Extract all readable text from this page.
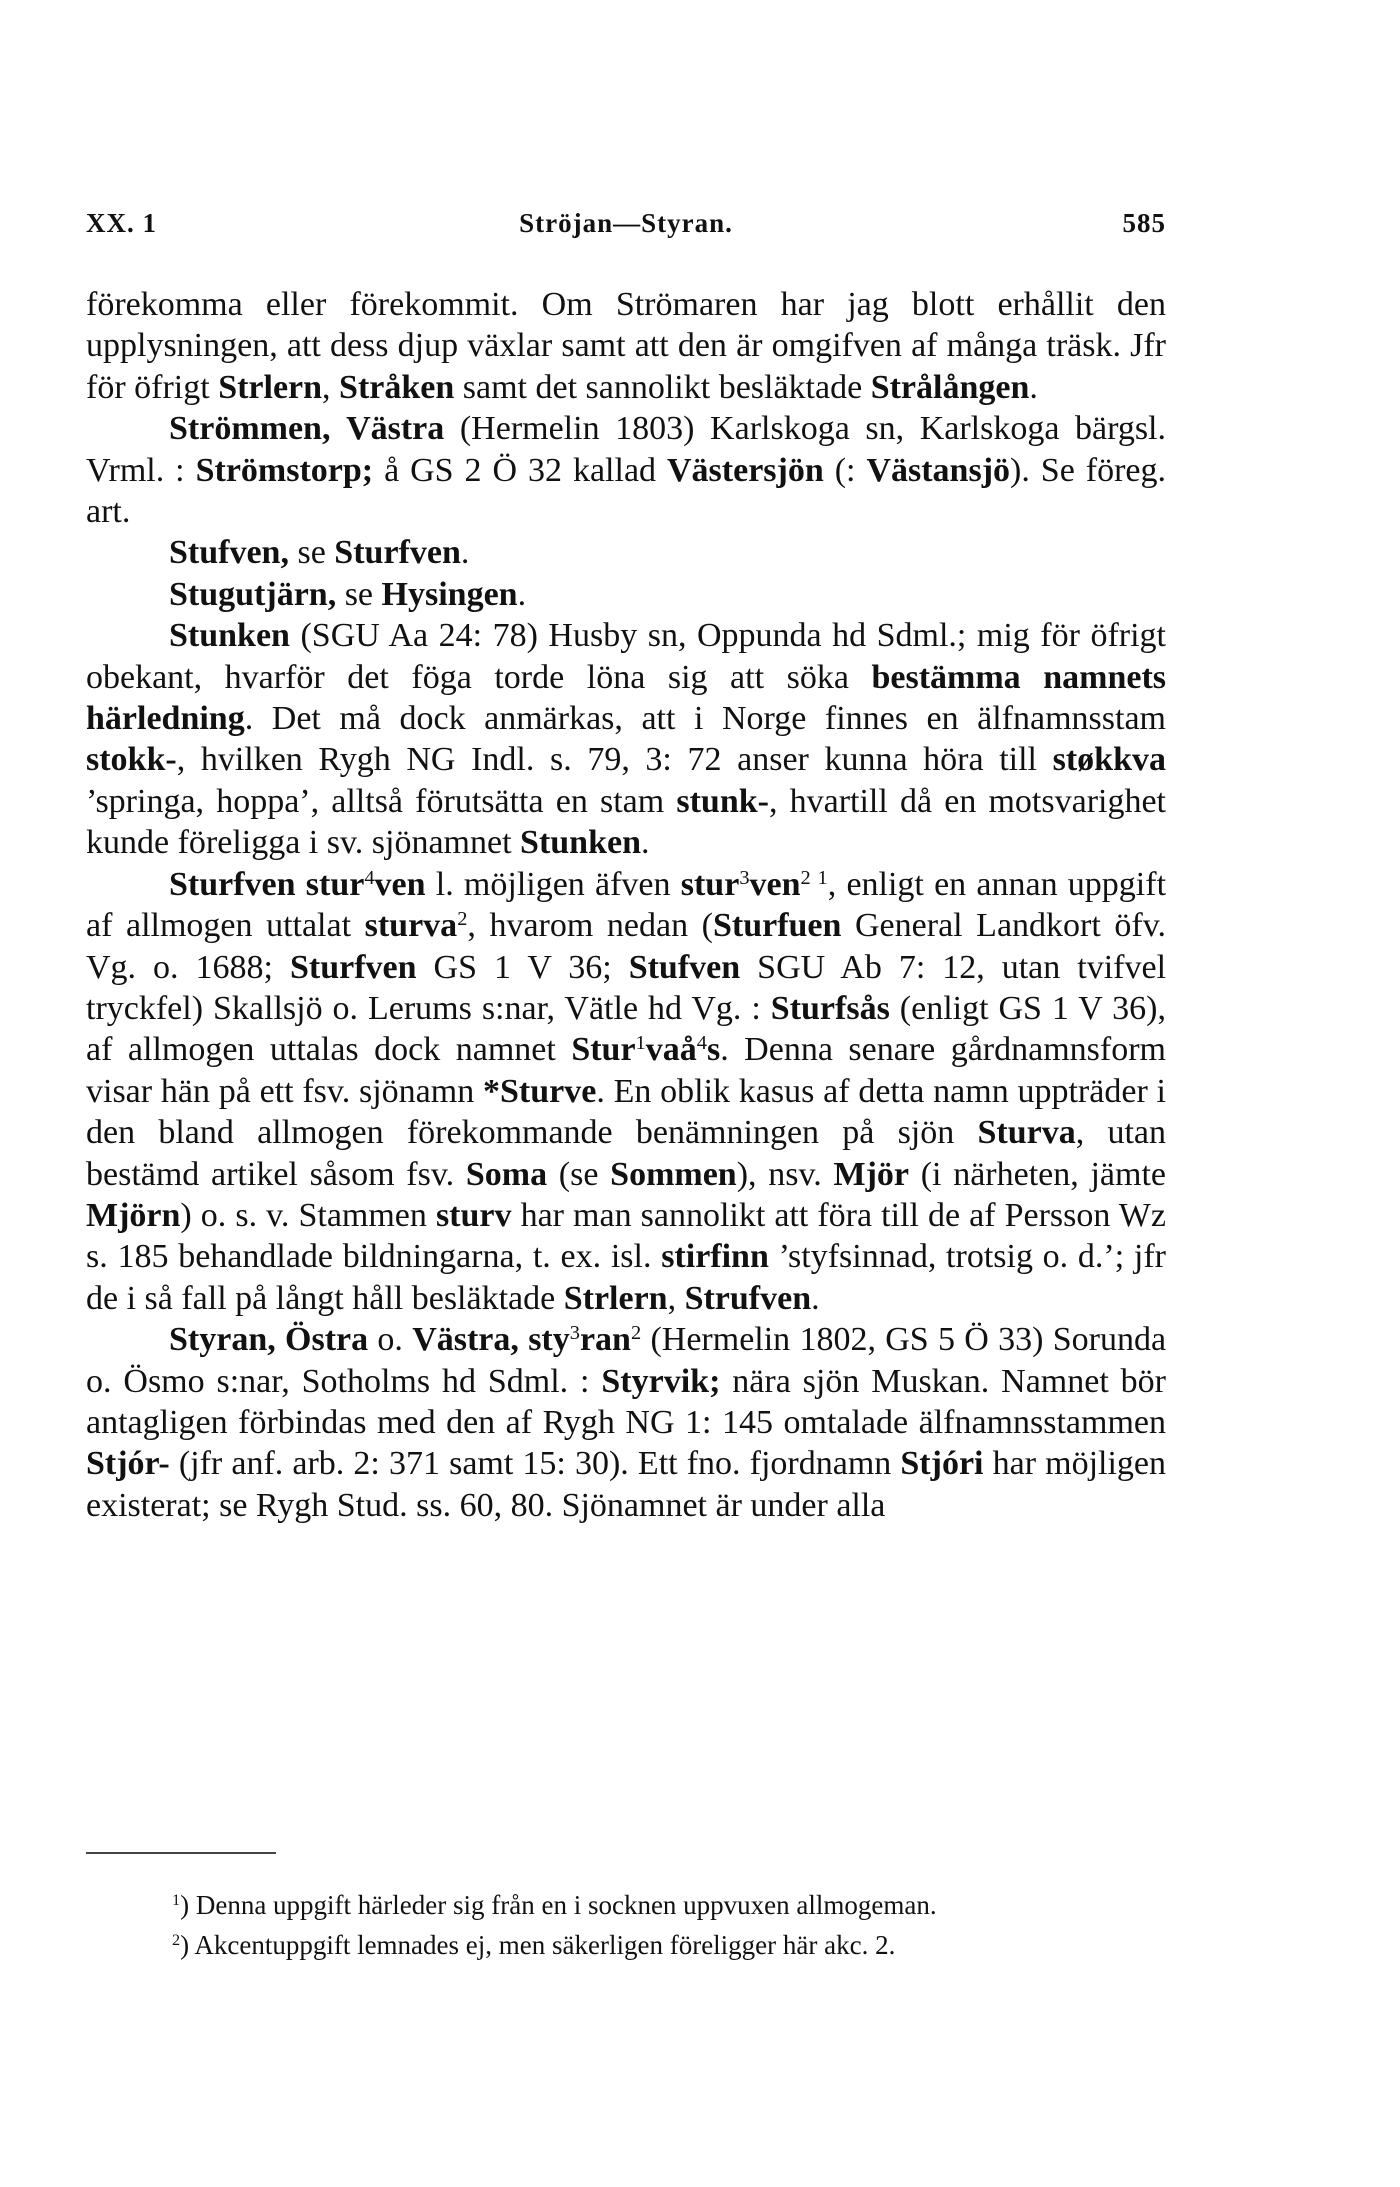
XX. 1	Ströjan—Styran.	585

förekomma eller förekommit. Om Strömaren har jag blott erhållit den upplysningen, att dess djup växlar samt att den är omgifven af många träsk. Jfr för öfrigt Strlern, Stråken samt det sannolikt besläktade Strålången.

Strömmen, Västra (Hermelin 1803) Karlskoga sn, Karlskoga bärgsl. Vrml. : Strömstorp; å GS 2 Ö 32 kallad Västersjön (: Västansjö). Se föreg. art.

Stufven, se Sturfven.

Stugutjärn, se Hysingen.

Stunken (SGU Aa 24: 78) Husby sn, Oppunda hd Sdml.; mig för öfrigt obekant, hvarför det föga torde löna sig att söka bestämma namnets härledning. Det må dock anmärkas, att i Norge finnes en älfnamnsstam stokk-, hvilken Rygh NG Indl. s. 79, 3: 72 anser kunna höra till støkkva ’springa, hoppa’, alltså förutsätta en stam stunk-, hvartill då en motsvarighet kunde föreligga i sv. sjönamnet Stunken.

Sturfven stur$^4$ven l. möjligen äfven stur$^3$ven$^{2 1}$, enligt en annan uppgift af allmogen uttalat sturva$^2$, hvarom nedan (Sturfuen General Landkort öfv. Vg. o. 1688; Sturfven GS 1 V 36; Stufven SGU Ab 7: 12, utan tvifvel tryckfel) Skallsjö o. Lerums s:nar, Vätle hd Vg. : Sturfsås (enligt GS 1 V 36), af allmogen uttalas dock namnet Stur$^1$vaå$^4$s. Denna senare gårdnamnsform visar hän på ett fsv. sjönamn *Sturve. En oblik kasus af detta namn uppträder i den bland allmogen förekommande benämningen på sjön Sturva, utan bestämd artikel såsom fsv. Soma (se Sommen), nsv. Mjör (i närheten, jämte Mjörn) o. s. v. Stammen sturv har man sannolikt att föra till de af Persson Wz s. 185 behandlade bildningarna, t. ex. isl. stirfinn ’styfsinnad, trotsig o. d.’; jfr de i så fall på långt håll besläktade Strlern, Strufven.

Styran, Östra o. Västra, sty$^3$ran$^2$ (Hermelin 1802, GS 5 Ö 33) Sorunda o. Ösmo s:nar, Sotholms hd Sdml. : Styrvik; nära sjön Muskan. Namnet bör antagligen förbindas med den af Rygh NG 1: 145 omtalade älfnamnsstammen Stjór- (jfr anf. arb. 2: 371 samt 15: 30). Ett fno. fjordnamn Stjóri har möjligen existerat; se Rygh Stud. ss. 60, 80. Sjönamnet är under alla

$^1$) Denna uppgift härleder sig från en i socknen uppvuxen allmogeman.

$^2$) Akcentuppgift lemnades ej, men säkerligen föreligger här akc. 2.
